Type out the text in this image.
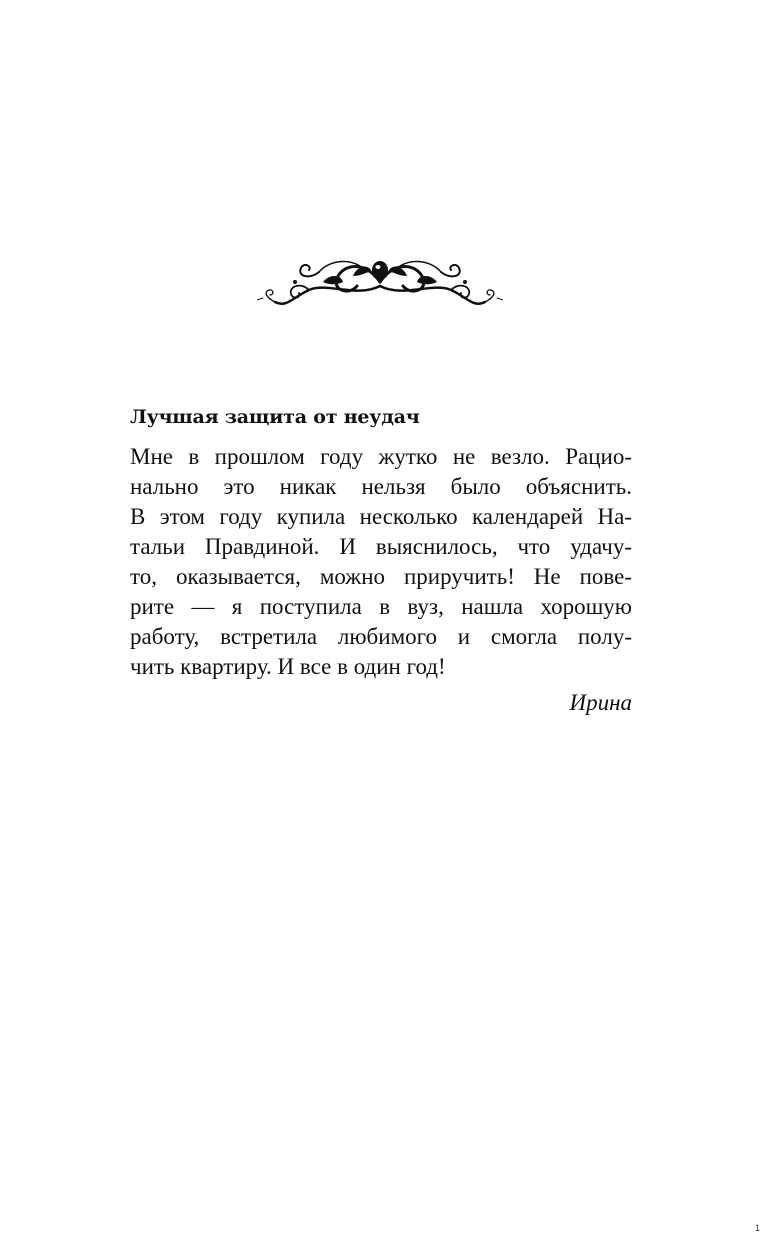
Лучшая защита от неудач

Мне в прошлом году жутко не везло. Рацио-
нально это никак нельзя было объяснить.
В этом году купила несколько календарей На-
тальи Правдиной. И выяснилось, что удачу-
то, оказывается, можно приручить! Не пове-
рите — я поступила в вуз, нашла хорошую
работу, встретила любимого и смогла полу-
чить квартиру. И все в один год!

Ирина

1
